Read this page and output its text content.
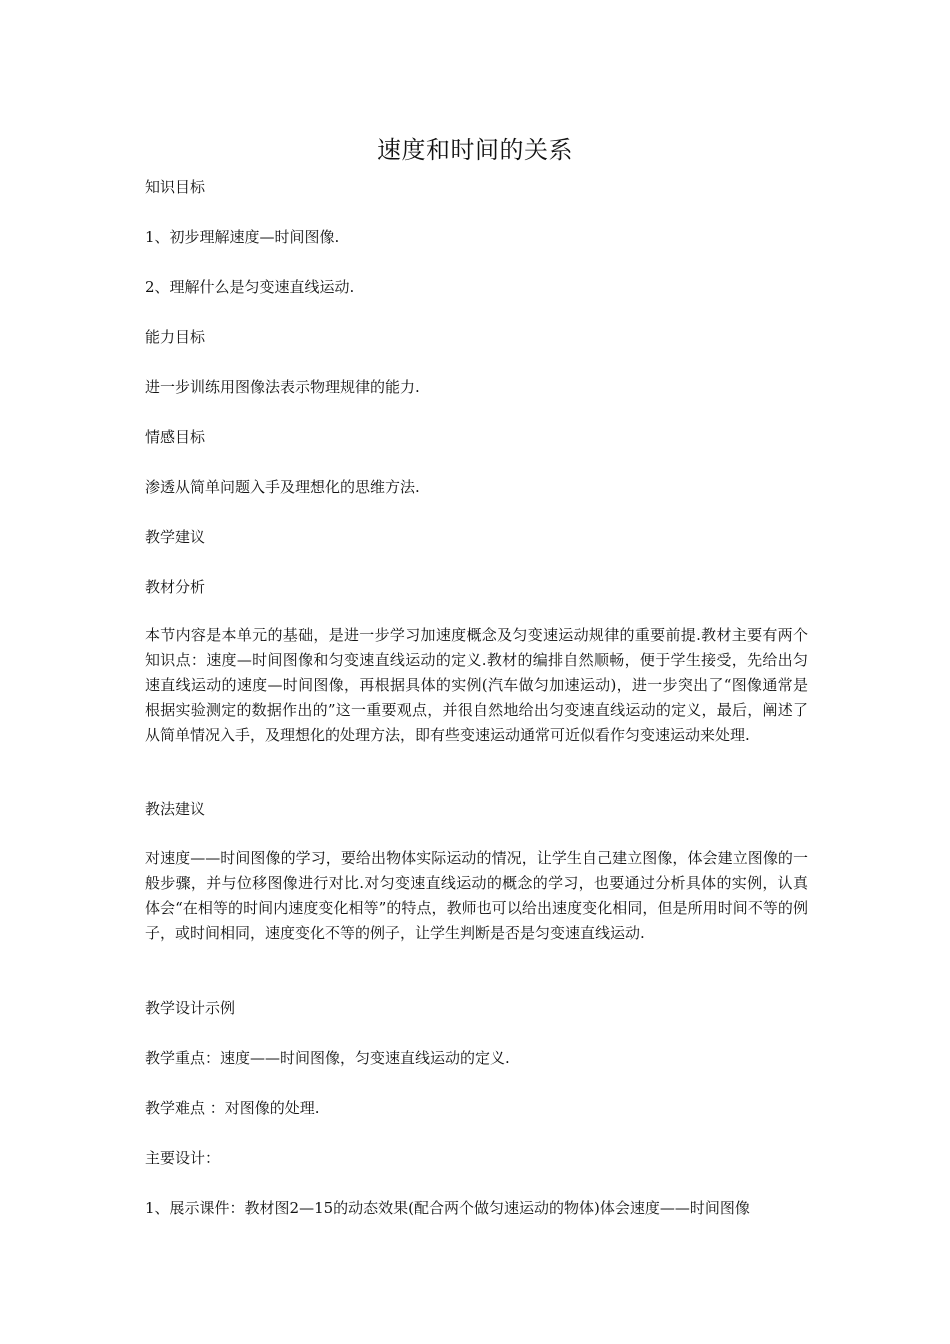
速度和时间的关系

知识目标

1、初步理解速度—时间图像.

2、理解什么是匀变速直线运动.

能力目标

进一步训练用图像法表示物理规律的能力.

情感目标

渗透从简单问题入手及理想化的思维方法.

教学建议

教材分析

本节内容是本单元的基础，是进一步学习加速度概念及匀变速运动规律的重要前提.教材主要有两个知识点：速度—时间图像和匀变速直线运动的定义.教材的编排自然顺畅，便于学生接受，先给出匀速直线运动的速度—时间图像，再根据具体的实例(汽车做匀加速运动)，进一步突出了“图像通常是根据实验测定的数据作出的”这一重要观点，并很自然地给出匀变速直线运动的定义，最后，阐述了从简单情况入手，及理想化的处理方法，即有些变速运动通常可近似看作匀变速运动来处理.

教法建议

对速度——时间图像的学习，要给出物体实际运动的情况，让学生自己建立图像，体会建立图像的一般步骤，并与位移图像进行对比.对匀变速直线运动的概念的学习，也要通过分析具体的实例，认真体会“在相等的时间内速度变化相等”的特点，教师也可以给出速度变化相同，但是所用时间不等的例子，或时间相同，速度变化不等的例子，让学生判断是否是匀变速直线运动.

教学设计示例

教学重点：速度——时间图像，匀变速直线运动的定义.

教学难点 ：对图像的处理.

主要设计：

1、展示课件：教材图2—15的动态效果(配合两个做匀速运动的物体)体会速度——时间图像
